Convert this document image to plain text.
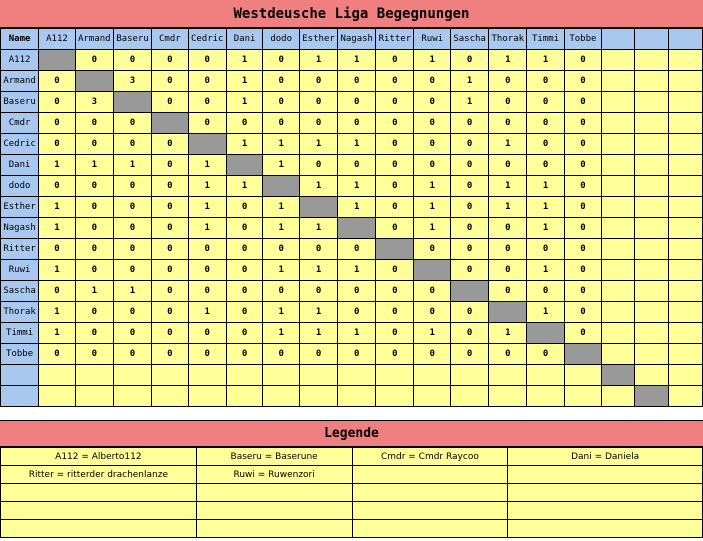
Westdeusche Liga Begegnungen
Name	A112	Armand	Baseru	Cmdr	Cedric	Dani	dodo	Esther	Nagash	Ritter	Ruwi	Sascha	Thorak	Timmi	Tobbe			
A112		0	0	0	0	1	0	1	1	0	1	0	1	1	0			
Armand	0		3	0	0	1	0	0	0	0	0	1	0	0	0			
Baseru	0	3		0	0	1	0	0	0	0	0	1	0	0	0			
Cmdr	0	0	0		0	0	0	0	0	0	0	0	0	0	0			
Cedric	0	0	0	0		1	1	1	1	0	0	0	1	0	0			
Dani	1	1	1	0	1		1	0	0	0	0	0	0	0	0			
dodo	0	0	0	0	1	1		1	1	0	1	0	1	1	0			
Esther	1	0	0	0	1	0	1		1	0	1	0	1	1	0			
Nagash	1	0	0	0	1	0	1	1		0	1	0	0	1	0			
Ritter	0	0	0	0	0	0	0	0	0		0	0	0	0	0			
Ruwi	1	0	0	0	0	0	1	1	1	0		0	0	1	0			
Sascha	0	1	1	0	0	0	0	0	0	0	0		0	0	0			
Thorak	1	0	0	0	1	0	1	1	0	0	0	0		1	0			
Timmi	1	0	0	0	0	0	1	1	1	0	1	0	1		0			
Tobbe	0	0	0	0	0	0	0	0	0	0	0	0	0	0				

Legende
A112 = Alberto112	Baseru = Baserune	Cmdr = Cmdr Raycoo	Dani = Daniela
Ritter = ritterder drachenlanze	Ruwi = Ruwenzori		
